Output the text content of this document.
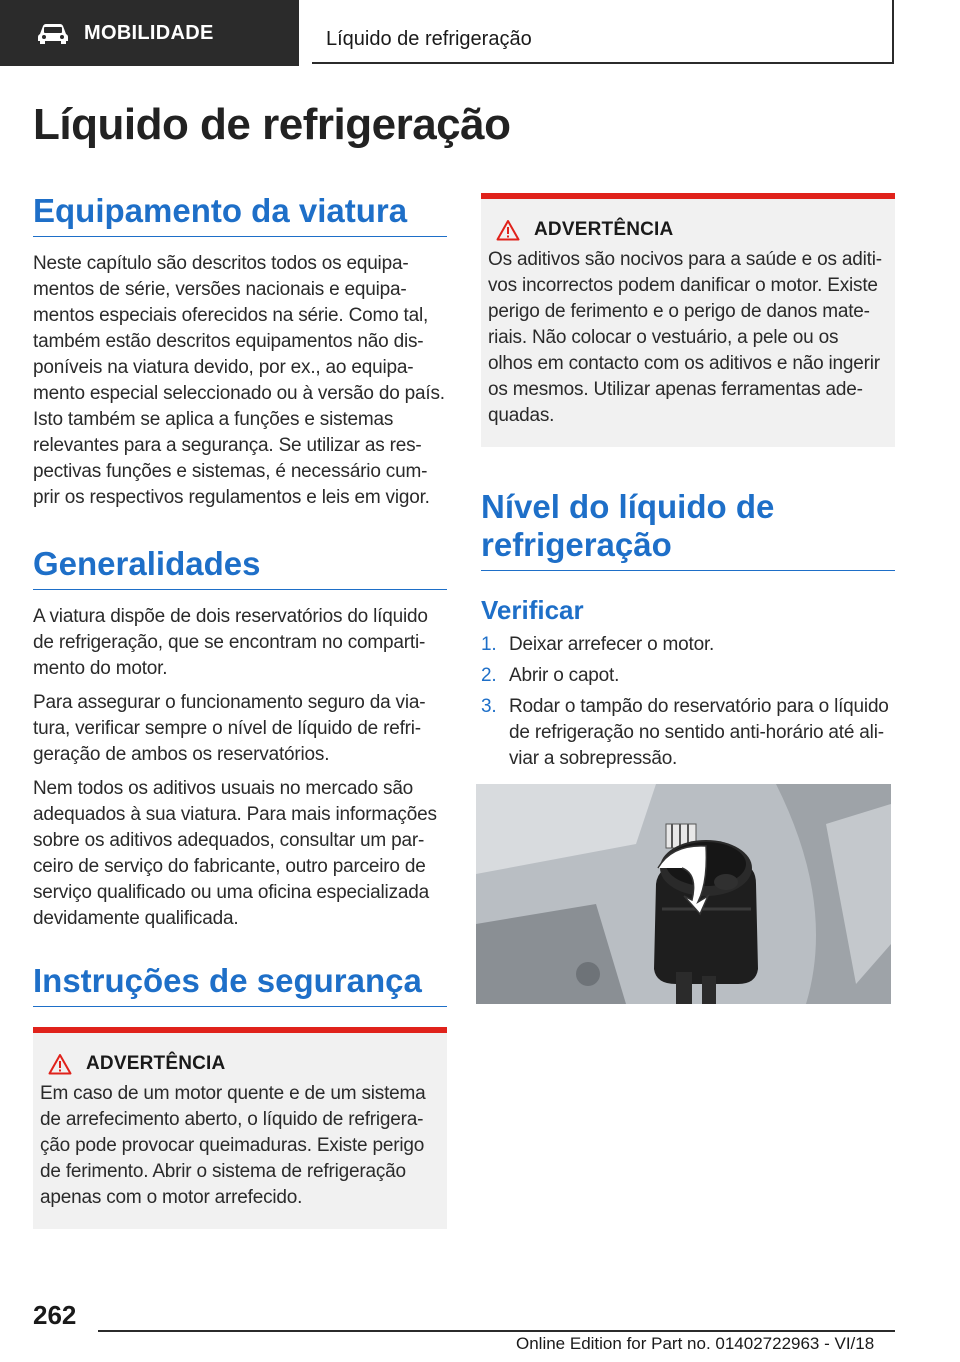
MOBILIDADE	Líquido de refrigeração
Líquido de refrigeração
Equipamento da viatura

Neste capítulo são descritos todos os equipamentos de série, versões nacionais e equipamentos especiais oferecidos na série. Como tal, também estão descritos equipamentos não disponíveis na viatura devido, por ex., ao equipamento especial seleccionado ou à versão do país. Isto também se aplica a funções e sistemas relevantes para a segurança. Se utilizar as respectivas funções e sistemas, é necessário cumprir os respectivos regulamentos e leis em vigor.

Generalidades

A viatura dispõe de dois reservatórios do líquido de refrigeração, que se encontram no compartimento do motor.

Para assegurar o funcionamento seguro da viatura, verificar sempre o nível de líquido de refrigeração de ambos os reservatórios.

Nem todos os aditivos usuais no mercado são adequados à sua viatura. Para mais informações sobre os aditivos adequados, consultar um parceiro de serviço do fabricante, outro parceiro de serviço qualificado ou uma oficina especializada devidamente qualificada.

Instruções de segurança
ADVERTÊNCIA

Em caso de um motor quente e de um sistema de arrefecimento aberto, o líquido de refrigeração pode provocar queimaduras. Existe perigo de ferimento. Abrir o sistema de refrigeração apenas com o motor arrefecido.

ADVERTÊNCIA

Os aditivos são nocivos para a saúde e os aditivos incorrectos podem danificar o motor. Existe perigo de ferimento e o perigo de danos materiais. Não colocar o vestuário, a pele ou os olhos em contacto com os aditivos e não ingerir os mesmos. Utilizar apenas ferramentas adequadas.

Nível do líquido de refrigeração
Verificar
1. Deixar arrefecer o motor.
2. Abrir o capot.
3. Rodar o tampão do reservatório para o líquido de refrigeração no sentido anti-horário até aliviar a sobrepressão.
262
Online Edition for Part no. 01402722963 - VI/18
